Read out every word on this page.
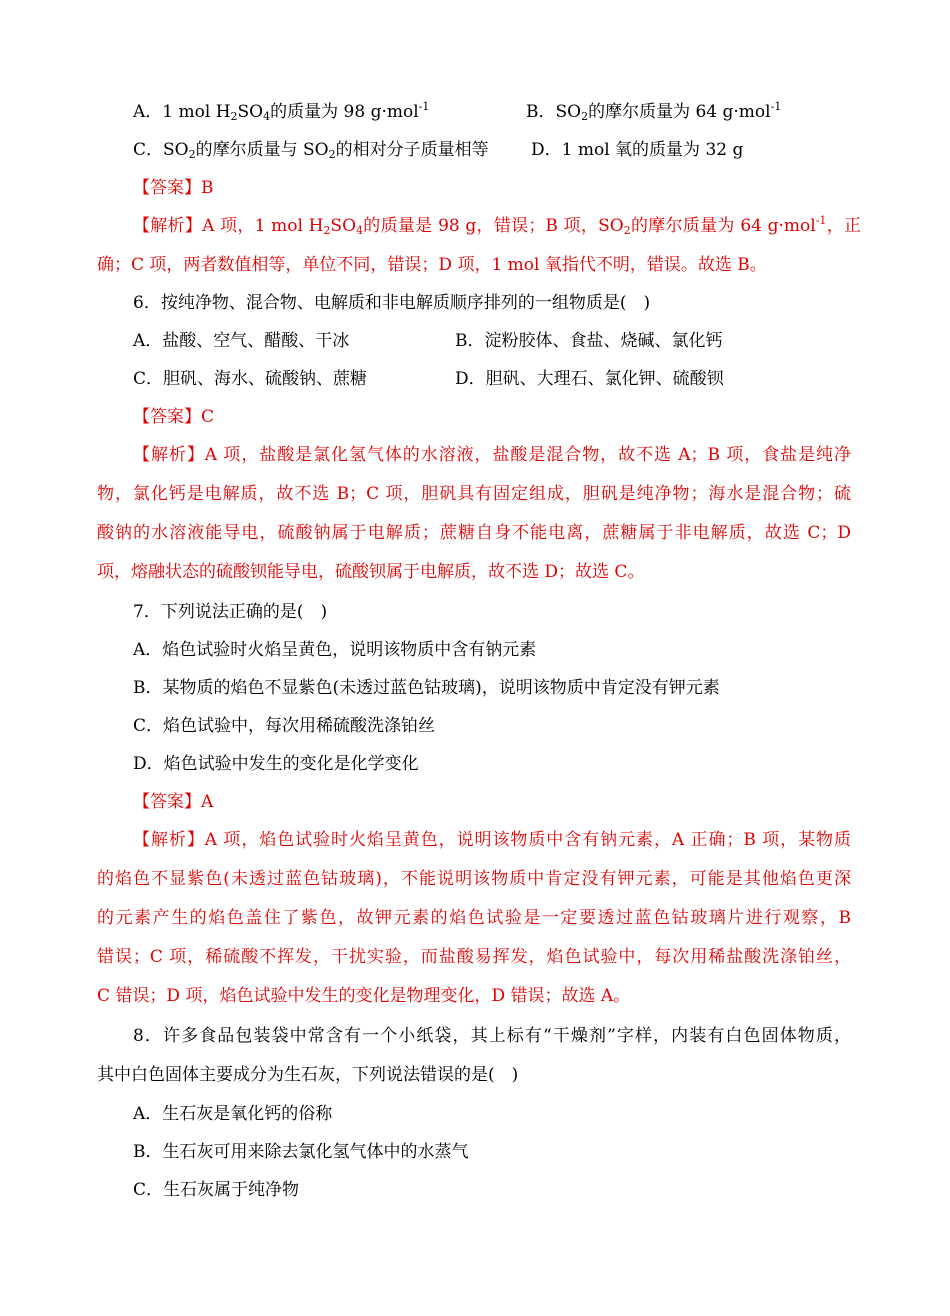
A．1 mol $H_2SO_4$的质量为 98 g·mol$^{-1}$	B．$SO_2$的摩尔质量为 64 g·mol$^{-1}$
C．$SO_2$的摩尔质量与 $SO_2$的相对分子质量相等 D．1 mol 氧的质量为 32 g
【答案】B
【解析】A 项，1 mol $H_2SO_4$的质量是 98 g，错误；B 项，$SO_2$的摩尔质量为 64 g·mol$^{-1}$，正
确；C 项，两者数值相等，单位不同，错误；D 项，1 mol 氧指代不明，错误。故选 B。
6．按纯净物、混合物、电解质和非电解质顺序排列的一组物质是(　)
A．盐酸、空气、醋酸、干冰	B．淀粉胶体、食盐、烧碱、氯化钙
C．胆矾、海水、硫酸钠、蔗糖	D．胆矾、大理石、氯化钾、硫酸钡
【答案】C
【解析】A 项，盐酸是氯化氢气体的水溶液，盐酸是混合物，故不选 A；B 项，食盐是纯净
物，氯化钙是电解质，故不选 B；C 项，胆矾具有固定组成，胆矾是纯净物；海水是混合物；硫
酸钠的水溶液能导电，硫酸钠属于电解质；蔗糖自身不能电离，蔗糖属于非电解质，故选 C；D
项，熔融状态的硫酸钡能导电，硫酸钡属于电解质，故不选 D；故选 C。
7．下列说法正确的是(　)
A．焰色试验时火焰呈黄色，说明该物质中含有钠元素
B．某物质的焰色不显紫色(未透过蓝色钴玻璃)，说明该物质中肯定没有钾元素
C．焰色试验中，每次用稀硫酸洗涤铂丝
D．焰色试验中发生的变化是化学变化
【答案】A
【解析】A 项，焰色试验时火焰呈黄色，说明该物质中含有钠元素，A 正确；B 项，某物质
的焰色不显紫色(未透过蓝色钴玻璃)，不能说明该物质中肯定没有钾元素，可能是其他焰色更深
的元素产生的焰色盖住了紫色，故钾元素的焰色试验是一定要透过蓝色钴玻璃片进行观察，B
错误；C 项，稀硫酸不挥发，干扰实验，而盐酸易挥发，焰色试验中，每次用稀盐酸洗涤铂丝，
C 错误；D 项，焰色试验中发生的变化是物理变化，D 错误；故选 A。
8．许多食品包装袋中常含有一个小纸袋，其上标有“干燥剂”字样，内装有白色固体物质，
其中白色固体主要成分为生石灰，下列说法错误的是(　)
A．生石灰是氧化钙的俗称
B．生石灰可用来除去氯化氢气体中的水蒸气
C．生石灰属于纯净物
